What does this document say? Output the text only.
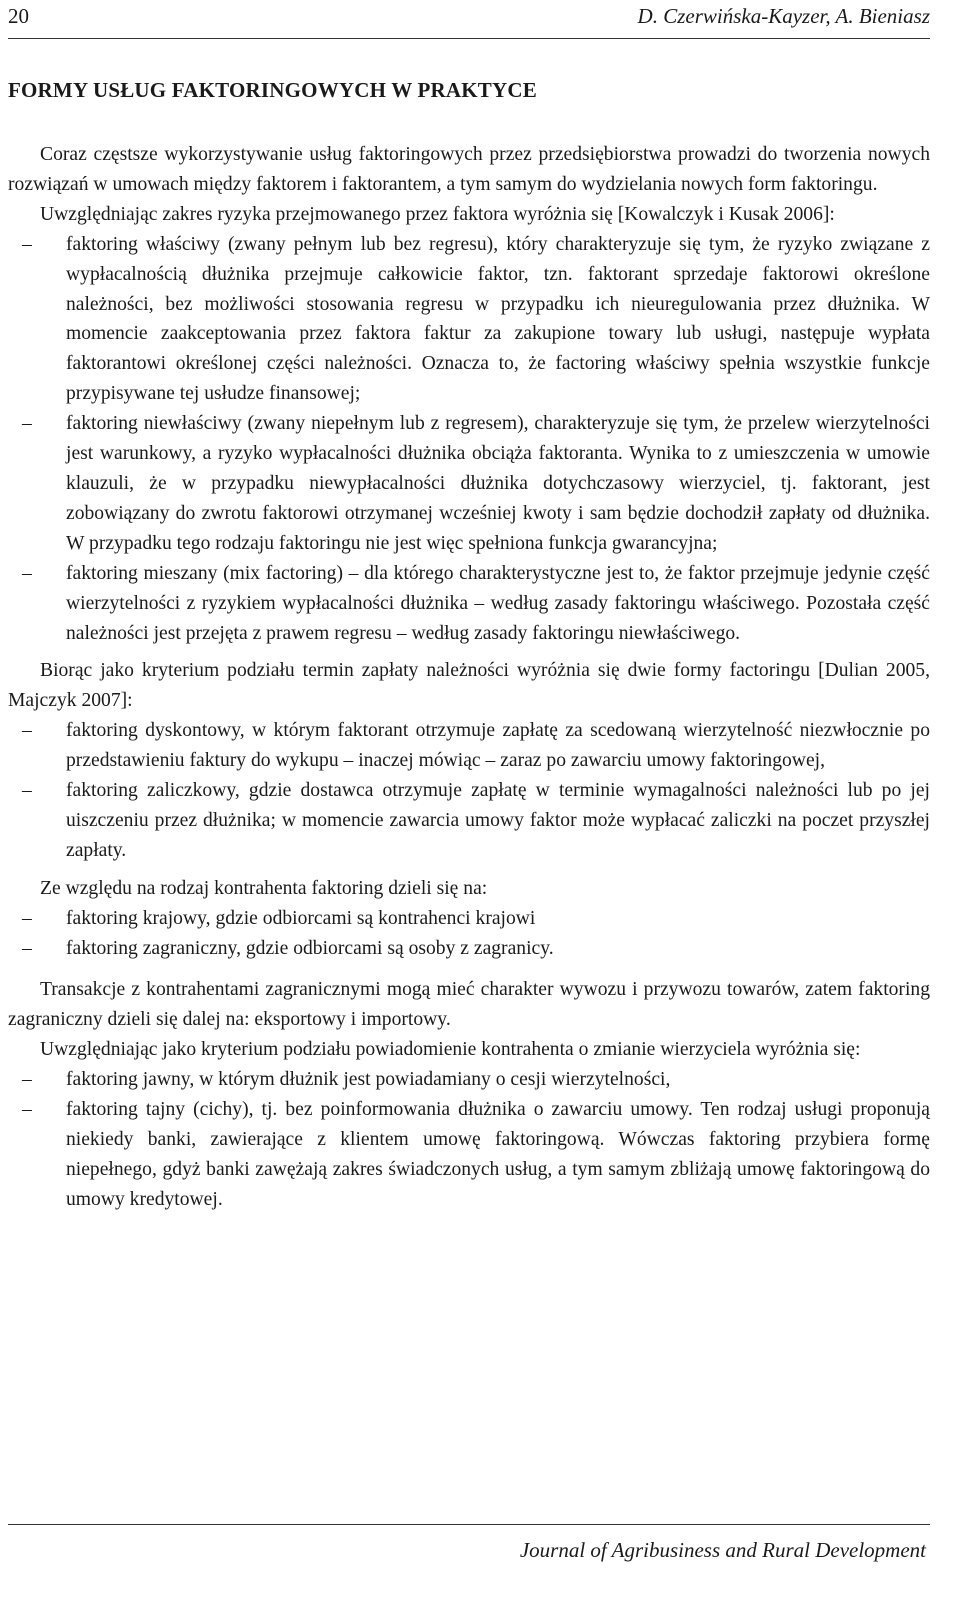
20	D. Czerwińska-Kayzer, A. Bieniasz
FORMY USŁUG FAKTORINGOWYCH W PRAKTYCE

Coraz częstsze wykorzystywanie usług faktoringowych przez przedsiębiorstwa prowadzi do tworzenia nowych rozwiązań w umowach między faktorem i faktorantem, a tym samym do wydzielania nowych form faktoringu.

Uwzględniając zakres ryzyka przejmowanego przez faktora wyróżnia się [Kowalczyk i Kusak 2006]:

– faktoring właściwy (zwany pełnym lub bez regresu), który charakteryzuje się tym, że ryzyko związane z wypłacalnością dłużnika przejmuje całkowicie faktor, tzn. faktorant sprzedaje faktorowi określone należności, bez możliwości stosowania regresu w przypadku ich nieuregulowania przez dłużnika. W momencie zaakceptowania przez faktora faktur za zakupione towary lub usługi, następuje wypłata faktorantowi określonej części należności. Oznacza to, że factoring właściwy spełnia wszystkie funkcje przypisywane tej usłudze finansowej;
– faktoring niewłaściwy (zwany niepełnym lub z regresem), charakteryzuje się tym, że przelew wierzytelności jest warunkowy, a ryzyko wypłacalności dłużnika obciąża faktoranta. Wynika to z umieszczenia w umowie klauzuli, że w przypadku niewypłacalności dłużnika dotychczasowy wierzyciel, tj. faktorant, jest zobowiązany do zwrotu faktorowi otrzymanej wcześniej kwoty i sam będzie dochodził zapłaty od dłużnika. W przypadku tego rodzaju faktoringu nie jest więc spełniona funkcja gwarancyjna;
– faktoring mieszany (mix factoring) – dla którego charakterystyczne jest to, że faktor przejmuje jedynie część wierzytelności z ryzykiem wypłacalności dłużnika – według zasady faktoringu właściwego. Pozostała część należności jest przejęta z prawem regresu – według zasady faktoringu niewłaściwego.

Biorąc jako kryterium podziału termin zapłaty należności wyróżnia się dwie formy factoringu [Dulian 2005, Majczyk 2007]:

– faktoring dyskontowy, w którym faktorant otrzymuje zapłatę za scedowaną wierzytelność niezwłocznie po przedstawieniu faktury do wykupu – inaczej mówiąc – zaraz po zawarciu umowy faktoringowej,
– faktoring zaliczkowy, gdzie dostawca otrzymuje zapłatę w terminie wymagalności należności lub po jej uiszczeniu przez dłużnika; w momencie zawarcia umowy faktor może wypłacać zaliczki na poczet przyszłej zapłaty.

Ze względu na rodzaj kontrahenta faktoring dzieli się na:

– faktoring krajowy, gdzie odbiorcami są kontrahenci krajowi
– faktoring zagraniczny, gdzie odbiorcami są osoby z zagranicy.

Transakcje z kontrahentami zagranicznymi mogą mieć charakter wywozu i przywozu towarów, zatem faktoring zagraniczny dzieli się dalej na: eksportowy i importowy.

Uwzględniając jako kryterium podziału powiadomienie kontrahenta o zmianie wierzyciela wyróżnia się:

– faktoring jawny, w którym dłużnik jest powiadamiany o cesji wierzytelności,
– faktoring tajny (cichy), tj. bez poinformowania dłużnika o zawarciu umowy. Ten rodzaj usługi proponują niekiedy banki, zawierające z klientem umowę faktoringową. Wówczas faktoring przybiera formę niepełnego, gdyż banki zawężają zakres świadczonych usług, a tym samym zbliżają umowę faktoringową do umowy kredytowej.
Journal of Agribusiness and Rural Development
